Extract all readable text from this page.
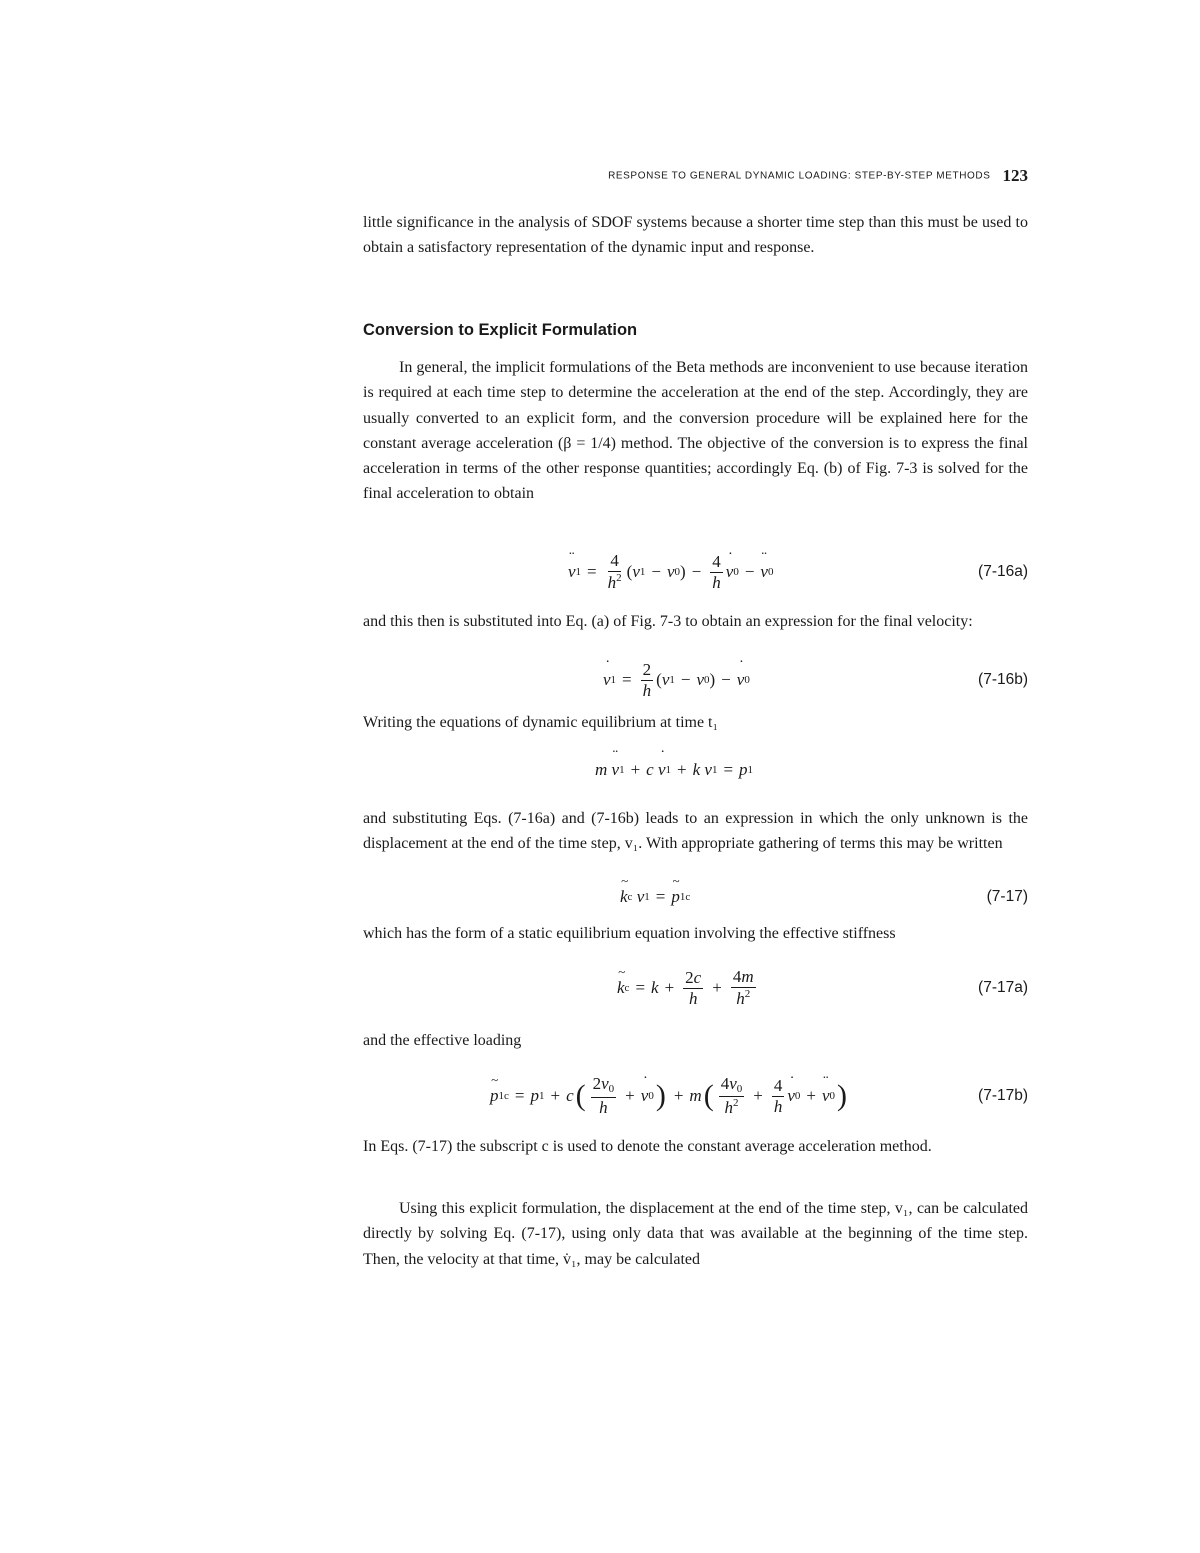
RESPONSE TO GENERAL DYNAMIC LOADING: STEP-BY-STEP METHODS 123

little significance in the analysis of SDOF systems because a shorter time step than this must be used to obtain a satisfactory representation of the dynamic input and response.

Conversion to Explicit Formulation

In general, the implicit formulations of the Beta methods are inconvenient to use because iteration is required at each time step to determine the acceleration at the end of the step. Accordingly, they are usually converted to an explicit form, and the conversion procedure will be explained here for the constant average acceleration (β = 1/4) method. The objective of the conversion is to express the final acceleration in terms of the other response quantities; accordingly Eq. (b) of Fig. 7-3 is solved for the final acceleration to obtain

¨ v $1 = \frac{4}{h^2}$ ( v 1 − v 0 ) − $\frac{4}{h}$ ˙ v 0 − ¨ v 0	(7-16a)

and this then is substituted into Eq. (a) of Fig. 7-3 to obtain an expression for the final velocity:

˙ v $1 = \frac{2}{h}$ ( v 1 − v 0 ) − ˙ v 0	(7-16b)

Writing the equations of dynamic equilibrium at time t₁

m
¨ v 1 + c
˙ v 1 + k
v 1 = p 1

and substituting Eqs. (7-16a) and (7-16b) leads to an expression in which the only unknown is the displacement at the end of the time step, v₁. With appropriate gathering of terms this may be written

~ k c
v 1 = ~ p 1c	(7-17)

which has the form of a static equilibrium equation involving the effective stiffness

~ k $c = k + \frac{2c}{h} + \frac{4m}{h^2}$	(7-17a)

and the effective loading

~ p 1c = p 1 + c ( $\frac{2v_0}{h}$ + ˙ v 0 ) + m ( $\frac{4v_0}{h^2} + \frac{4}{h}$ ˙ v 0 + ¨ v 0 )	(7-17b)

In Eqs. (7-17) the subscript c is used to denote the constant average acceleration method.

Using this explicit formulation, the displacement at the end of the time step, v₁, can be calculated directly by solving Eq. (7-17), using only data that was available at the beginning of the time step. Then, the velocity at that time, v̇₁, may be calculated
